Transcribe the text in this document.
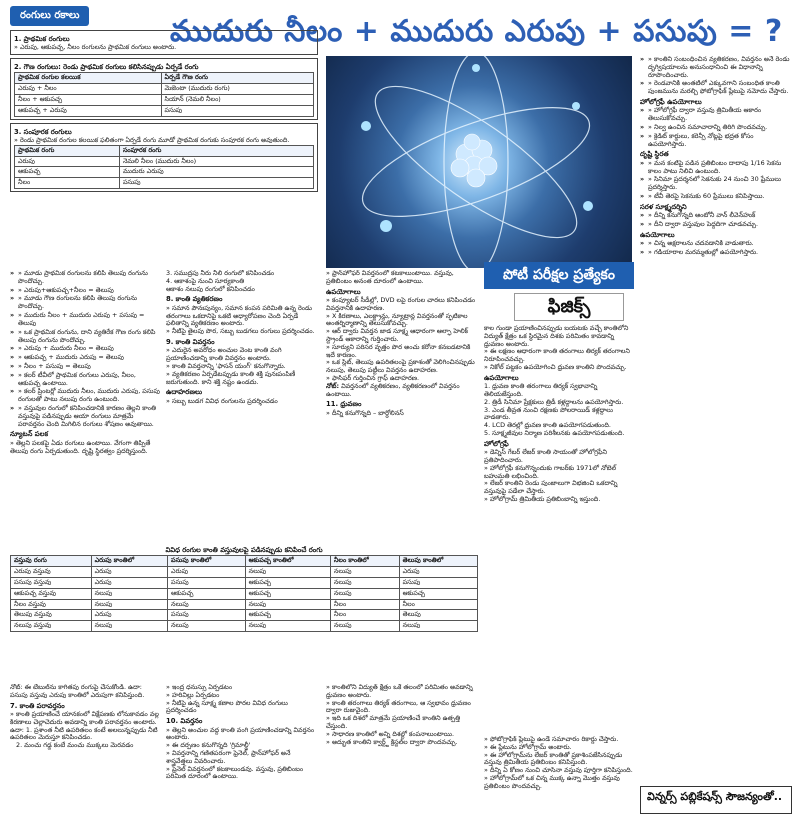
రంగులు రకాలు	ముదురు నీలం + ముదురు ఎరుపు + పసుపు = ?
1. ప్రాథమిక రంగులు
» ఎరుపు, ఆకుపచ్చ, నీలం రంగులను ప్రాథమిక రంగులు అంటారు.
2. గౌణ రంగులు: రెండు ప్రాథమిక రంగులు కలిసినప్పుడు ఏర్పడే రంగు
ప్రాథమిక రంగుల కలయిక	ఏర్పడే గౌణ రంగు
ఎరుపు + నీలం	మెజెంటా (ముదురు రంగు)
నీలం + ఆకుపచ్చ	సియాన్ (నెమలి నీలం)
ఆకుపచ్చ + ఎరుపు	పసుపు
3. సంపూరక రంగులు
» రెండు ప్రాథమిక రంగుల కలయిక ఫలితంగా ఏర్పడే రంగు మూడో ప్రాథమిక రంగుకు సంపూరక రంగు అవుతుంది.
ప్రాథమిక రంగు	సంపూరక రంగు
ఎరుపు	నెమలి నీలం (ముదురు నీలం)
ఆకుపచ్చ	ముదురు ఎరుపు
నీలం	పసుపు
» » కాంతిని సంబంధించిన వ్యతికరణం, వివర్తనం అనే రెండు దృగ్విషయాలను అనుసంధానించి ఈ విధానాన్ని రూపొందించారు.
» » రెండవానికి అంతటిలో ఎక్కువగాని సంబంధిత కాంతి పుంజమును మరల్చి ఫోటోగ్రాఫిక్ ప్లేటుపై నమోదు చేస్తారు.
హోలోగ్రఫీ ఉపయోగాలు
» » హోలోగ్రఫీ ద్వారా వస్తువు త్రిమితీయ ఆకారం తెలుసుకోవచ్చు.
» » నిల్వ ఉంచిన సమాచారాన్ని తిరిగి పొందవచ్చు.
» » క్రెడిట్ కార్డులు, కరెన్సీ నోట్లపై భద్రత కోసం ఉపయోగిస్తారు.
దృష్టి స్థిరత
» » మన కంటిపై పడిన ప్రతిబింబం దాదాపు 1/16 సెకను కాలం పాటు నిలిచి ఉంటుంది.
» » సినిమా ప్రదర్శనలో సెకనుకు 24 నుంచి 30 ఫ్రేములు ప్రదర్శిస్తారు.
» » టీవీ తెరపై సెకనుకు 60 ఫ్రేములు కనిపిస్తాయి.
సరళ సూక్ష్మదర్శిని
» » దీన్ని కనుగొన్నది ఆంటోనీ వాన్ లీవెన్‌హుక్
» » దీని ద్వారా వస్తువుల పెద్దదిగా చూడవచ్చు.
ఉపయోగాలు
» » చిన్న అక్షరాలను చదవడానికి వాడుతారు.
» » గడియారాల మరమ్మతుల్లో ఉపయోగిస్తారు.
» » మూడు ప్రాథమిక రంగులను కలిపి తెలుపు రంగును పొందొచ్చు.
» » ఎరుపు+ఆకుపచ్చ+నీలం = తెలుపు
» » మూడు గౌణ రంగులను కలిపి తెలుపు రంగును పొందొచ్చు.
» » ముదురు నీలం + ముదురు ఎరుపు + పసుపు = తెలుపు
» » ఒక ప్రాథమిక రంగును, దాని వ్యతిరేక గౌణ రంగు కలిపి తెలుపు రంగును పొందొచ్చు.
» » ఎరుపు + ముదురు నీలం = తెలుపు
» » ఆకుపచ్చ + ముదురు ఎరుపు = తెలుపు
» » నీలం + పసుపు = తెలుపు
» » కలర్ టీవీలో ప్రాథమిక రంగులు ఎరుపు, నీలం, ఆకుపచ్చ ఉంటాయి.
» » కలర్ ప్రింటర్లో ముదురు నీలం, ముదురు ఎరుపు, పసుపు రంగులతో పాటు నలుపు రంగు ఉంటుంది.
» » వస్తువుల రంగులో కనిపించడానికి కారణం తెల్లని కాంతి వస్తువుపై పడినప్పుడు ఆయా రంగులు మాత్రమే పరావర్తనం చెంది మిగిలిన రంగులు శోషణం అవుతాయి.
న్యూటన్ పలక
» తెల్లని పలకపై ఏడు రంగులు ఉంటాయి. వేగంగా తిప్పితే తెలుపు రంగు ఏర్పడుతుంది. దృష్టి స్థిరత్వం ప్రదర్శిస్తుంది.
3. సముద్రపు నీరు నీలి రంగులో కనిపించడం
4. ఆకాశంపై నుంచి సూర్యకాంతి
ఆకాశం నలుపు రంగులో కనిపించడం
8. కాంతి వ్యతికరణం
» సమాన పౌనఃపున్యం, సమాన కంపన పరిమితి ఉన్న రెండు తరంగాలు ఒకదానిపై ఒకటి అధ్యారోపణం చెంది ఏర్పడే ఫలితాన్ని వ్యతికరణం అంటారు.
» నీటిపై తైలపు పొర, సబ్బు బుడగలు రంగులు ప్రదర్శించడం.
9. కాంతి వివర్తనం
» ఎదురైన అవరోధం అంచుల వెంట కాంతి వంగి ప్రయాణించడాన్ని కాంతి వివర్తనం అంటారు.
» కాంతి వివర్తనాన్ని 'ఫాసన్ యంగ్' కనుగొన్నారు.
» వ్యతికరణం ఏర్పడేటప్పుడు కాంతి శక్తి పునఃపంపిణీ జరుగుతుంది. కాని శక్తి నష్టం ఉండదు.
ఉదాహరణలు
» సబ్బు బుడగ వివిధ రంగులను ప్రదర్శించడం
» ఫ్రాన్‌హోఫర్ వివర్తనంలో కటకాలుంటాయి. వస్తువు, ప్రతిబింబం అనంత దూరంలో ఉంటాయి.
ఉపయోగాలు
» కంప్యూటర్ సీడీల్లో, DVD లపై రంగుల చారలు కనిపించడం వివర్తనానికి ఉదాహరణ.
» X కిరణాలు, ఎలక్ట్రాన్లు, న్యూట్రాన్ల వివర్తనంతో స్ఫటికాల అంతర్నిర్మాణాన్ని తెలుసుకోవచ్చు.
» ఆర్ ద్వారు వివర్తన జాడ సూక్ష్మ ఆధారంగా ఆల్ఫా హెలిక్ స్ట్రాండ్ ఆకారాన్ని గుర్తించారు.
» సూర్యుని పరిసర వృత్తం పొర అంచు కరోనా కనబడటానికి ఇదే కారణం.
» ఒక స్లిట్, తెలుపు ఉపరితలంపై ప్రకాశంతో వెలిగించినప్పుడు నలుపు, తెలుపు పట్టీలు వివర్తనం ఉదాహరణ.
» ఫాసిఫర్ గుర్తించిన గ్రాఫ్ ఉదాహరణ.
నోట్: వివర్తనంలో వ్యతికరణం, వ్యతికరణంలో వివర్తనం ఉంటాయి.
11. ధ్రువణం
» దీన్ని కనుగొన్నది – బార్థోలినస్
పోటీ పరీక్షల ప్రత్యేకం
ఫిజిక్స్
కాల గుండా ప్రయాణించినప్పుడు బయటకు వచ్చే కాంతిలోని విద్యుత్ క్షేత్రం ఒక స్థిరమైన దిశకు పరిమితం కావడాన్ని ధ్రువణం అంటారు.
» ఈ లక్షణం ఆధారంగా కాంతి తరంగాలు తిర్యక్ తరంగాలని నిరూపించవచ్చు.
» నికోల్ పట్టకం ఉపయోగించి ధ్రువణ కాంతిని పొందవచ్చు.
ఉపయోగాలు
1. ధ్రువణ కాంతి తరంగాలు తిర్యక్ స్వభావాన్ని తెలియజేస్తుంది.
2. త్రిడీ సినిమా ప్రేక్షకులు త్రిడీ కళ్లద్దాలను ఉపయోగిస్తారు.
3. ఎండ తీవ్రత నుంచి రక్షణకు పోలరాయిడ్ కళ్లద్దాలు వాడతారు.
4. LCD తెరల్లో ధ్రువణ కాంతి ఉపయోగపడుతుంది.
5. సూక్ష్మజీవుల నిర్మాణ పరిశీలనకు ఉపయోగపడుతుంది.
హోలోగ్రఫీ
» డెన్నిస్ గేబర్ లేజర్ కాంతి సాయంతో హోలోగ్రఫీని ప్రతిపాదించారు.
» హోలోగ్రఫీ కనుగొన్నందుకు గాబర్‌కు 1971లో నోబెల్ బహుమతి లభించింది.
» లేజర్ కాంతిని రెండు పుంజాలుగా విభజించి ఒకదాన్ని వస్తువుపై పడేలా చేస్తారు.
» హోలోగ్రామ్ త్రిమితీయ ప్రతిబింబాన్ని ఇస్తుంది.
వివిధ రంగుల కాంతి వస్తువులపై పడినప్పుడు కనిపించే రంగు
వస్తువు రంగు	ఎరుపు కాంతిలో	పసుపు కాంతిలో	ఆకుపచ్చ కాంతిలో	నీలం కాంతిలో	తెలుపు కాంతిలో
ఎరుపు వస్తువు	ఎరుపు	ఎరుపు	నలుపు	నలుపు	ఎరుపు
పసుపు వస్తువు	ఎరుపు	పసుపు	ఆకుపచ్చ	నలుపు	పసుపు
ఆకుపచ్చ వస్తువు	నలుపు	ఆకుపచ్చ	ఆకుపచ్చ	నలుపు	ఆకుపచ్చ
నీలం వస్తువు	నలుపు	నలుపు	నలుపు	నీలం	నీలం
తెలుపు వస్తువు	ఎరుపు	పసుపు	ఆకుపచ్చ	నీలం	తెలుపు
నలుపు వస్తువు	నలుపు	నలుపు	నలుపు	నలుపు	నలుపు
నోట్: ఈ టేబుల్‌ను కాగితపు రంగుపై చేసుకోండి. ఉదా: పసుపు వస్తువు ఎరుపు కాంతిలో ఎరుపుగా కనిపిస్తుంది.
7. కాంతి పరావర్తనం
» కాంతి ప్రయాణించే యానకంలో విక్షేపణకు లోనుకావడం వల్ల కిరణాలు చెల్లాచెదురు అవడాన్ని కాంతి పరావర్తనం అంటారు.
ఉదా: 1. ప్రశాంత నీటి ఉపరితలం కంటే అలలున్నప్పుడు నీటి ఉపరితలం మెరుస్తూ కనిపించడం.
2. మంచు గడ్డ కంటే మంచు ముక్కలు మెరవడం
» ఇంద్ర ధనుస్సు ఏర్పడటం
» హరివిల్లు ఏర్పడటం
» నీటిపై ఉన్న సూక్ష్మ కణాల పొరల వివిధ రంగులు ప్రదర్శించడం
10. వివర్తనం
» తెల్లని అంచుల వద్ద కాంతి వంగి ప్రయాణించడాన్ని వివర్తనం అంటారు.
» ఈ దర్పణం కనుగొన్నది 'గ్రిమాల్డీ'
» వివర్తనాన్ని గణితపరంగా ఫ్రెనెల్, ఫ్రాన్‌హోఫర్ అనే శాస్త్రవేత్తలు వివరించారు.
» ఫ్రెనెల్ వివర్తనంలో కటకాలుండవు. వస్తువు, ప్రతిబింబం పరిమిత దూరంలో ఉంటాయి.
» కాంతిలోని విద్యుత్ క్షేత్రం ఒకే తలంలో పరిమితం అవడాన్ని ధ్రువణం అంటారు.
» కాంతి తరంగాలు తిర్యక్ తరంగాలు, ఆ స్వభావం ధ్రువణం ద్వారా రుజువైంది.
» ఇది ఒక దిశలో మాత్రమే ప్రయాణించే కాంతిని ఉత్పత్తి చేస్తుంది.
» సాధారణ కాంతిలో అన్ని దిశల్లో కంపనాలుంటాయి.
» అద్భుత కాంతిని క్వార్ట్జ్ క్రిస్టల్‌ల ద్వారా పొందవచ్చు.	» ఫోటోగ్రాఫిక్ ప్లేటుపై ఉండే సమాచారం రికార్డు చేస్తారు.
» ఈ ప్లేటును హోలోగ్రామ్ అంటారు.
» ఈ హోలోగ్రామ్‌ను లేజర్ కాంతితో ప్రకాశింపజేసినప్పుడు వస్తువు త్రిమితీయ ప్రతిబింబం కనిపిస్తుంది.
» దీన్ని ఏ కోణం నుంచి చూసినా వస్తువు పూర్తిగా కనిపిస్తుంది.
» హోలోగ్రామ్‌లో ఒక చిన్న ముక్క ఉన్నా మొత్తం వస్తువు ప్రతిబింబం పొందవచ్చు.
విన్నర్స్ పబ్లికేషన్స్ సౌజన్యంతో..
